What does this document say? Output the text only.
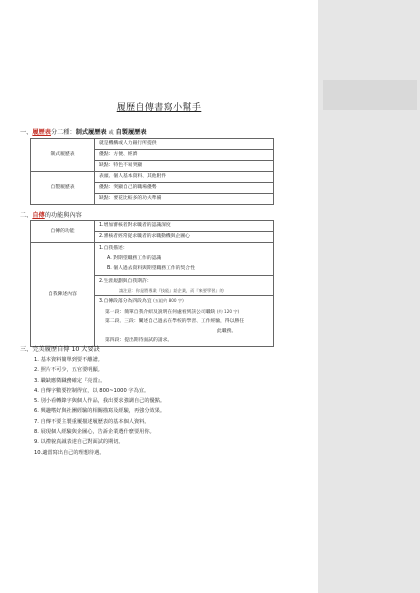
履歷自傳書寫小幫手
一、履歷表分二種：制式履歷表 或 自製履歷表
制式履歷表	就是機構或人力銀行所提供
	優點：方便、經濟
	缺點：特色不易突顯
自製履歷表	表頭、個人基本資料、其他附件
	優點：突顯自己的職場優勢
	缺點：要花比較多的功夫準備
二、自傳的功能與內容
自傳的功能	1.增加審核者對求職者的認識深度
	2.審核者經常從求職者的求職動機與企圖心
自我陳述內容	1.自我描述：
A. 對期望職務工作的認識
B. 個人過去資料與期望職務工作的契合性

	2.生涯規劃與自我期許：
請注意：你是將專業『技能』給企業，而『來要學習』的

	3.自傳段落分為四段為宜 (五組約 800 字)
第一段：簡單自我介紹及說明在何處看到該公司職缺 (約 120 字)
第二段、三段：闡述自己過去在學校的學習、工作經驗，得以勝任
此職務。
第四段：提出期待面試的請求。
三、完美履歷自傳 10 大要訣
1. 基本資料簡單到要不離譜。
2. 照片不可少，五官要明顯。
3. 職缺應徵職務確定『亮當』。
4. 自傳字數要控制得宜，以 800~1000 字為宜。
5. 別小看轉錄字與個人作品，我出要求強調自己的優點。
6. 興趣嗜好與社團經驗的相關描寫及經驗，再強分效果。
7. 自傳不要主製重覆描述履歷表的基本個人資料。
8. 展現個人經驗與企圖心，告訴企業選什麼要用你。
9. 以禮貌真誠表達自己對面試的期切。
10.適當寫出自己的理想待遇。
